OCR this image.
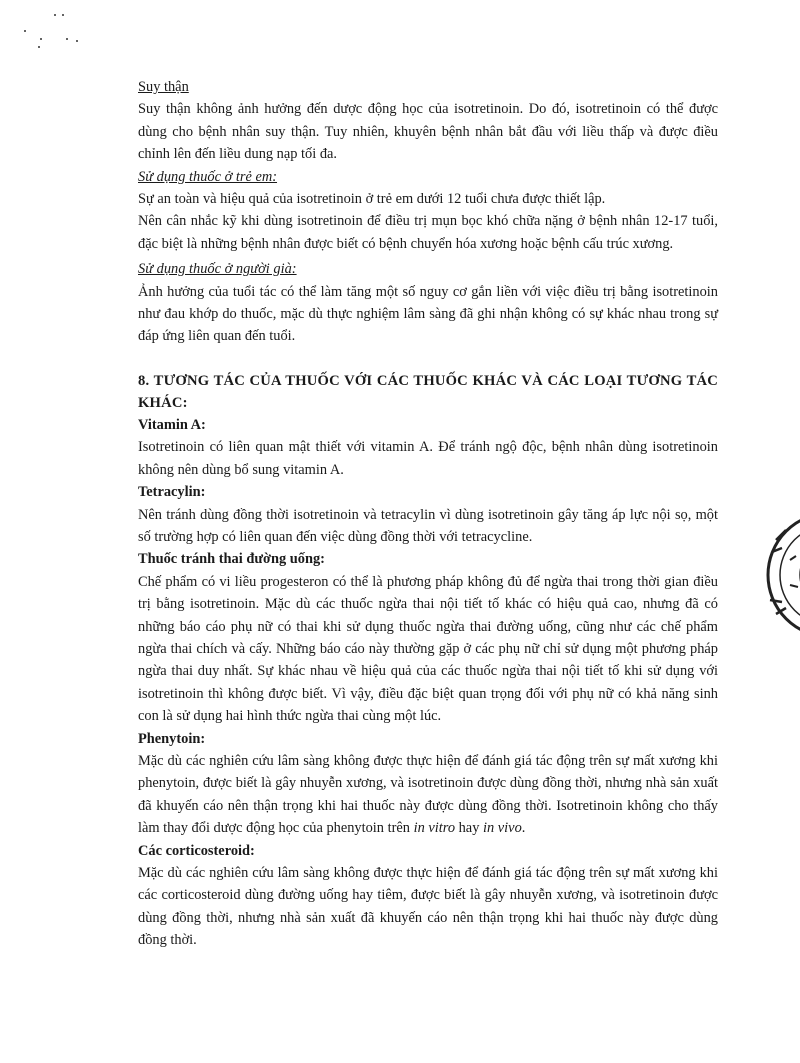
Suy thận

Suy thận không ảnh hưởng đến dược động học của isotretinoin. Do đó, isotretinoin có thể được dùng cho bệnh nhân suy thận. Tuy nhiên, khuyên bệnh nhân bắt đầu với liều thấp và được điều chỉnh lên đến liều dung nạp tối đa.

Sử dụng thuốc ở trẻ em:

Sự an toàn và hiệu quả của isotretinoin ở trẻ em dưới 12 tuổi chưa được thiết lập.

Nên cân nhắc kỹ khi dùng isotretinoin để điều trị mụn bọc khó chữa nặng ở bệnh nhân 12-17 tuổi, đặc biệt là những bệnh nhân được biết có bệnh chuyển hóa xương hoặc bệnh cấu trúc xương.

Sử dụng thuốc ở người già:

Ảnh hưởng của tuổi tác có thể làm tăng một số nguy cơ gắn liền với việc điều trị bằng isotretinoin như đau khớp do thuốc, mặc dù thực nghiệm lâm sàng đã ghi nhận không có sự khác nhau trong sự đáp ứng liên quan đến tuổi.

8. TƯƠNG TÁC CỦA THUỐC VỚI CÁC THUỐC KHÁC VÀ CÁC LOẠI TƯƠNG TÁC KHÁC:

Vitamin A:

Isotretinoin có liên quan mật thiết với vitamin A. Để tránh ngộ độc, bệnh nhân dùng isotretinoin không nên dùng bổ sung vitamin A.

Tetracylin:

Nên tránh dùng đồng thời isotretinoin và tetracylin vì dùng isotretinoin gây tăng áp lực nội sọ, một số trường hợp có liên quan đến việc dùng đồng thời với tetracycline.

Thuốc tránh thai đường uống:

Chế phẩm có vi liều progesteron có thể là phương pháp không đủ để ngừa thai trong thời gian điều trị bằng isotretinoin. Mặc dù các thuốc ngừa thai nội tiết tố khác có hiệu quả cao, nhưng đã có những báo cáo phụ nữ có thai khi sử dụng thuốc ngừa thai đường uống, cũng như các chế phẩm ngừa thai chích và cấy. Những báo cáo này thường gặp ở các phụ nữ chỉ sử dụng một phương pháp ngừa thai duy nhất. Sự khác nhau về hiệu quả của các thuốc ngừa thai nội tiết tố khi sử dụng với isotretinoin thì không được biết. Vì vậy, điều đặc biệt quan trọng đối với phụ nữ có khả năng sinh con là sử dụng hai hình thức ngừa thai cùng một lúc.

Phenytoin:

Mặc dù các nghiên cứu lâm sàng không được thực hiện để đánh giá tác động trên sự mất xương khi phenytoin, được biết là gây nhuyễn xương, và isotretinoin được dùng đồng thời, nhưng nhà sản xuất đã khuyến cáo nên thận trọng khi hai thuốc này được dùng đồng thời. Isotretinoin không cho thấy làm thay đổi dược động học của phenytoin trên in vitro hay in vivo.

Các corticosteroid:

Mặc dù các nghiên cứu lâm sàng không được thực hiện để đánh giá tác động trên sự mất xương khi các corticosteroid dùng đường uống hay tiêm, được biết là gây nhuyễn xương, và isotretinoin được dùng đồng thời, nhưng nhà sản xuất đã khuyến cáo nên thận trọng khi hai thuốc này được dùng đồng thời.
